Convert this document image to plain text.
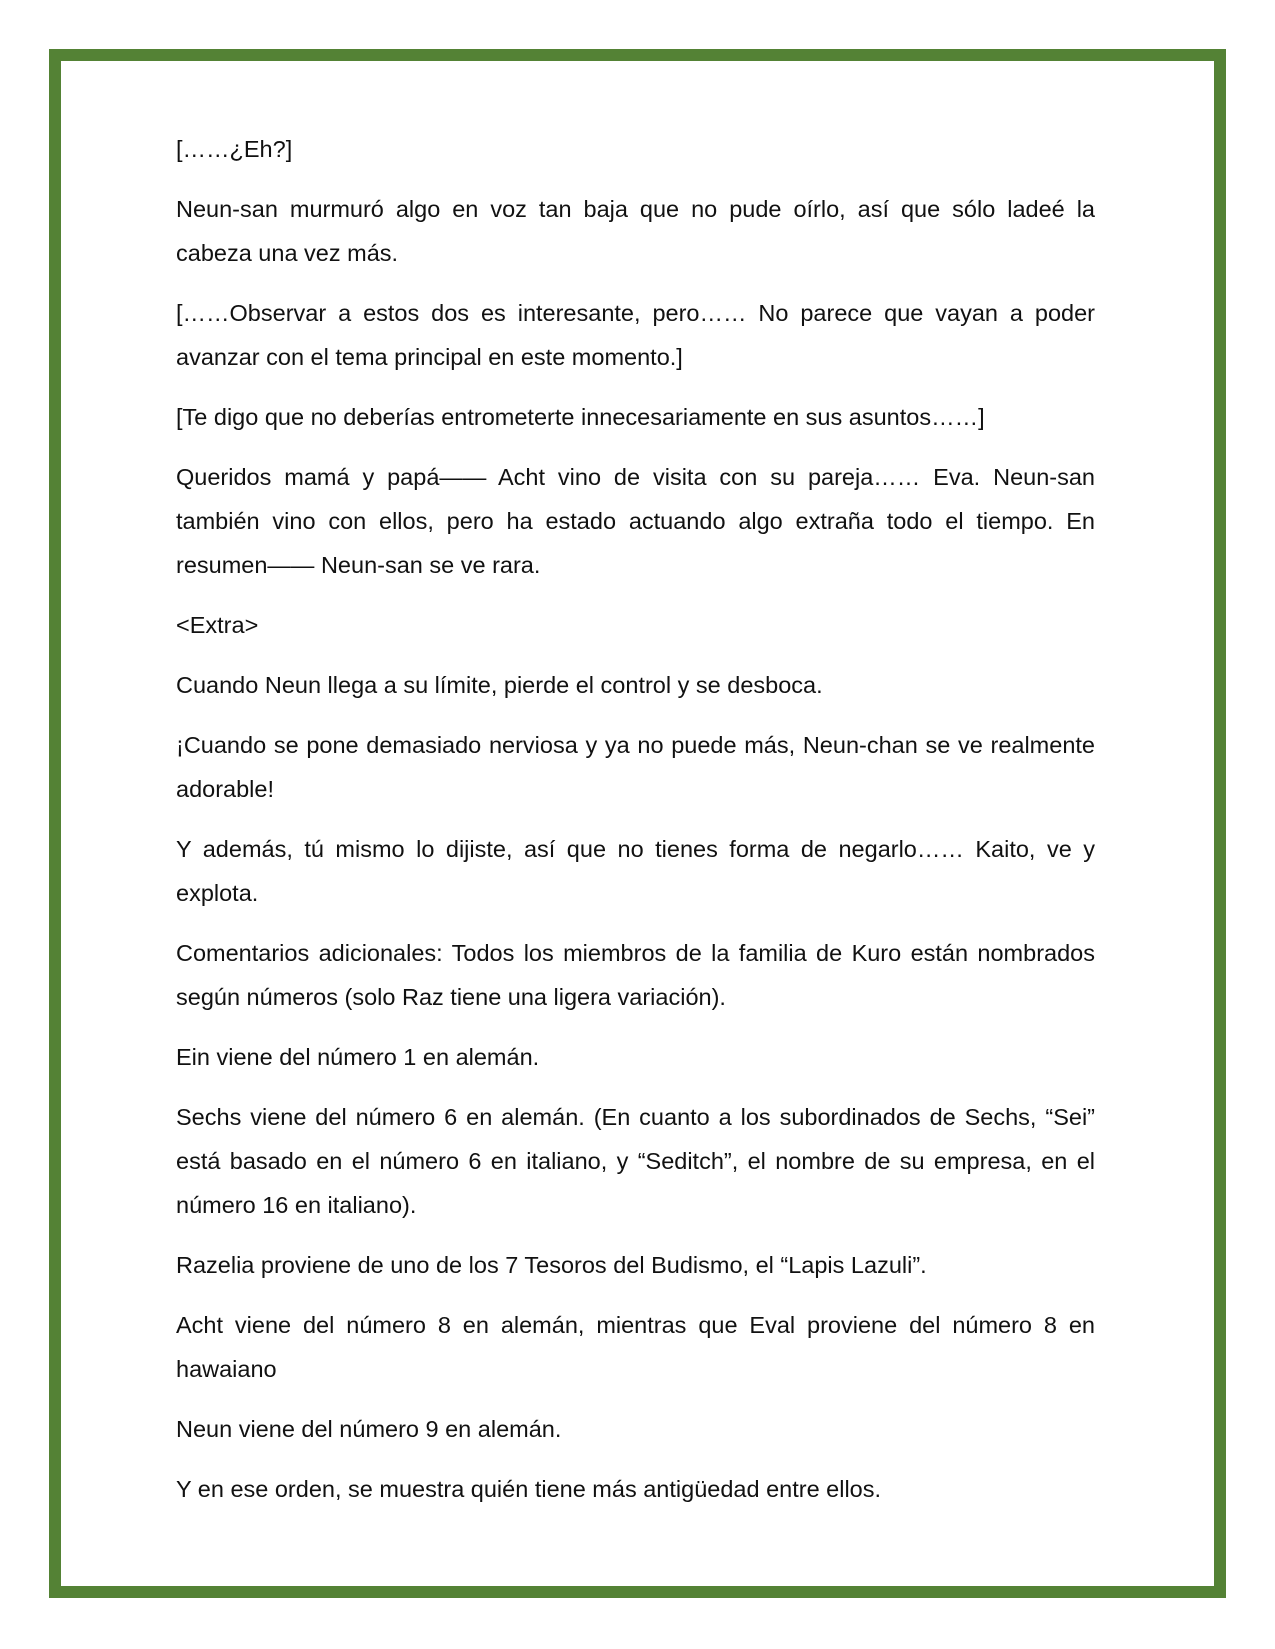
[……¿Eh?]

Neun-san murmuró algo en voz tan baja que no pude oírlo, así que sólo ladeé la cabeza una vez más.

[……Observar a estos dos es interesante, pero…… No parece que vayan a poder avanzar con el tema principal en este momento.]

[Te digo que no deberías entrometerte innecesariamente en sus asuntos……]

Queridos mamá y papá—— Acht vino de visita con su pareja…… Eva. Neun-san también vino con ellos, pero ha estado actuando algo extraña todo el tiempo. En resumen—— Neun-san se ve rara.

<Extra>

Cuando Neun llega a su límite, pierde el control y se desboca.

¡Cuando se pone demasiado nerviosa y ya no puede más, Neun-chan se ve realmente adorable!

Y además, tú mismo lo dijiste, así que no tienes forma de negarlo…… Kaito, ve y explota.

Comentarios adicionales: Todos los miembros de la familia de Kuro están nombrados según números (solo Raz tiene una ligera variación).

Ein viene del número 1 en alemán.

Sechs viene del número 6 en alemán. (En cuanto a los subordinados de Sechs, “Sei” está basado en el número 6 en italiano, y “Seditch”, el nombre de su empresa, en el número 16 en italiano).

Razelia proviene de uno de los 7 Tesoros del Budismo, el “Lapis Lazuli”.

Acht viene del número 8 en alemán, mientras que Eval proviene del número 8 en hawaiano

Neun viene del número 9 en alemán.

Y en ese orden, se muestra quién tiene más antigüedad entre ellos.
